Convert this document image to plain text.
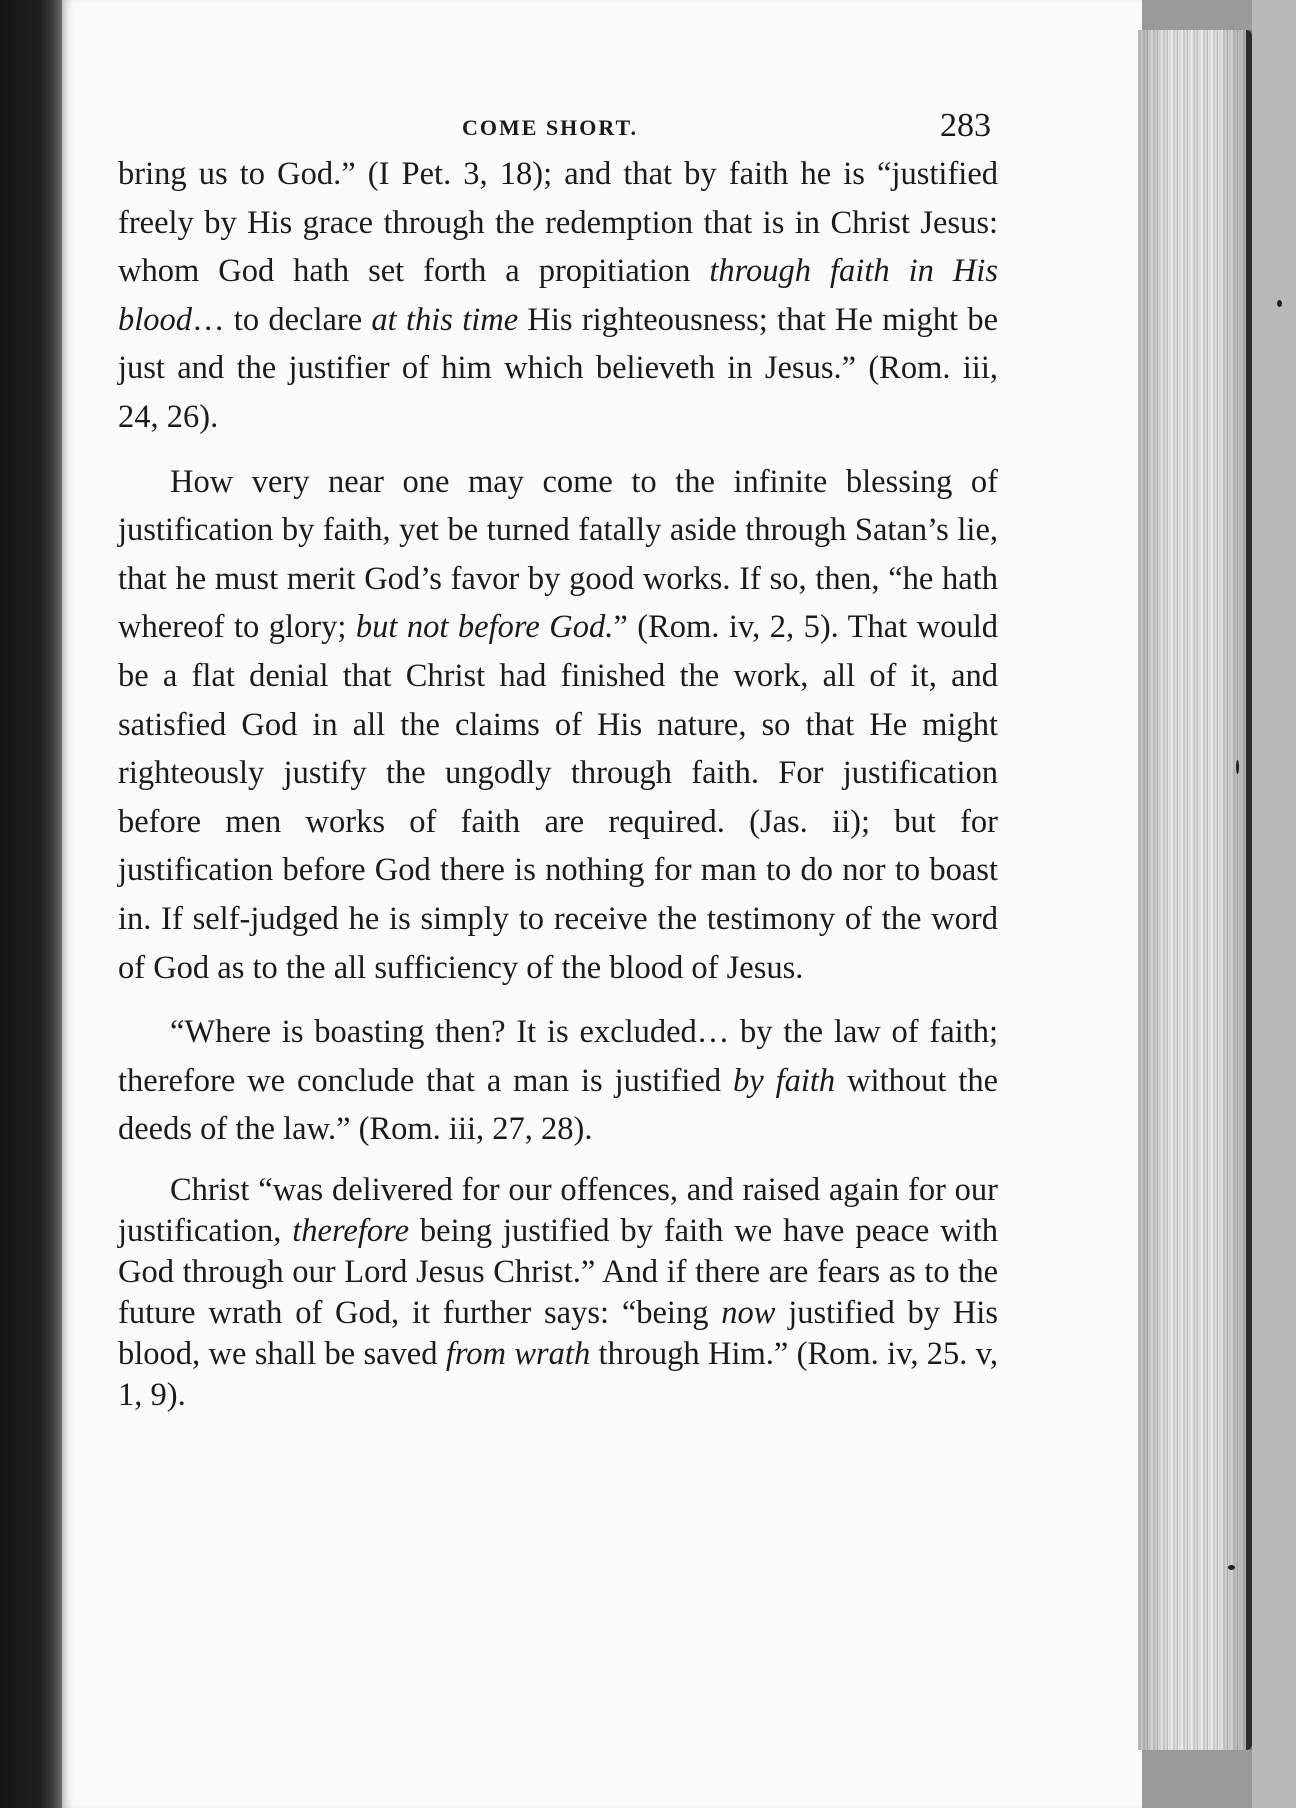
COME SHORT.	283

bring us to God.” (I Pet. 3, 18); and that by faith he is “justified freely by His grace through the redemption that is in Christ Jesus: whom God hath set forth a propitiation through faith in His blood… to declare at this time His righteousness; that He might be just and the justifier of him which believeth in Jesus.” (Rom. iii, 24, 26).

How very near one may come to the infinite blessing of justification by faith, yet be turned fatally aside through Satan’s lie, that he must merit God’s favor by good works. If so, then, “he hath whereof to glory; but not before God.” (Rom. iv, 2, 5). That would be a flat denial that Christ had finished the work, all of it, and satisfied God in all the claims of His nature, so that He might righteously justify the ungodly through faith. For justification before men works of faith are required. (Jas. ii); but for justification before God there is nothing for man to do nor to boast in. If self-judged he is simply to receive the testimony of the word of God as to the all sufficiency of the blood of Jesus.

“Where is boasting then? It is excluded… by the law of faith; therefore we conclude that a man is justified by faith without the deeds of the law.” (Rom. iii, 27, 28).

Christ “was delivered for our offences, and raised again for our justification, therefore being justified by faith we have peace with God through our Lord Jesus Christ.” And if there are fears as to the future wrath of God, it further says: “being now justified by His blood, we shall be saved from wrath through Him.” (Rom. iv, 25. v, 1, 9).
